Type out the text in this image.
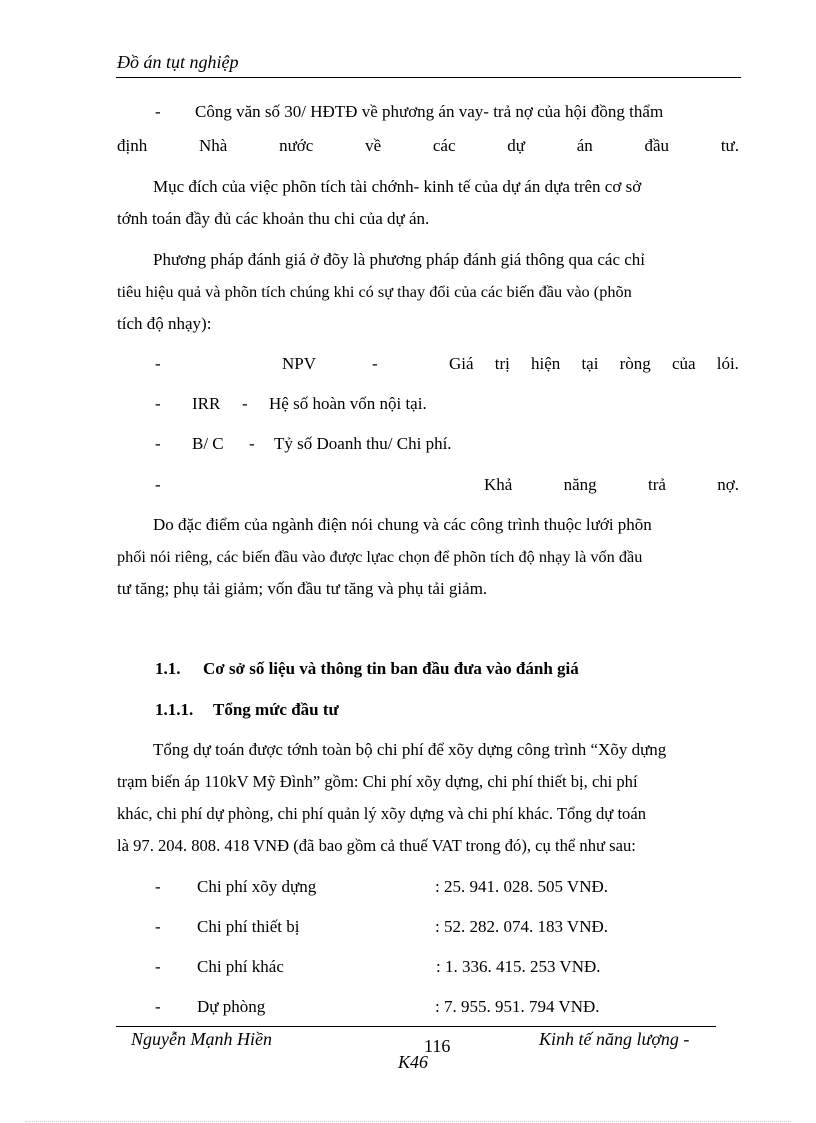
Đồ án tụt nghiệp
- Công văn số 30/ HĐTĐ về phương án vay- trả nợ của hội đồng thẩm
định	Nhà	nước	về	các	dự	án	đầu	tư.
Mục đích của việc phõn tích tài chớnh- kinh tế của dự án dựa trên cơ sở
tớnh toán đầy đủ các khoản thu chi của dự án.
Phương pháp đánh giá ở đõy là phương pháp đánh giá thông qua các chỉ
tiêu hiệu quả và phõn tích chúng khi có sự thay đổi của các biến đầu vào (phõn
tích độ nhạy):
-	NPV	-	Giá trị hiện tại ròng của lói.
- IRR - Hệ số hoàn vốn nội tại.
- B/ C - Tỷ số Doanh thu/ Chi phí.
-	Khả	năng	trả	nợ.
Do đặc điểm của ngành điện nói chung và các công trình thuộc lưới phõn
phối nói riêng, các biến đầu vào được lựac chọn để phõn tích độ nhạy là vốn đầu
tư tăng; phụ tải giảm; vốn đầu tư tăng và phụ tải giảm.
1.1. Cơ sở số liệu và thông tin ban đầu đưa vào đánh giá
1.1.1. Tổng mức đầu tư
Tổng dự toán được tớnh toàn bộ chi phí để xõy dựng công trình “Xõy dựng
trạm biến áp 110kV Mỹ Đình” gồm: Chi phí xõy dựng, chi phí thiết bị, chi phí
khác, chi phí dự phòng, chi phí quản lý xõy dựng và chi phí khác. Tổng dự toán
là 97. 204. 808. 418 VNĐ (đã bao gồm cả thuế VAT trong đó), cụ thể như sau:
- Chi phí xõy dựng	: 25. 941. 028. 505 VNĐ.
- Chi phí thiết bị	: 52. 282. 074. 183 VNĐ.
- Chi phí khác	: 1. 336. 415. 253 VNĐ.
- Dự phòng	: 7. 955. 951. 794 VNĐ.
Nguyễn Mạnh Hiền	116	Kinh tế năng lượng -
K46
